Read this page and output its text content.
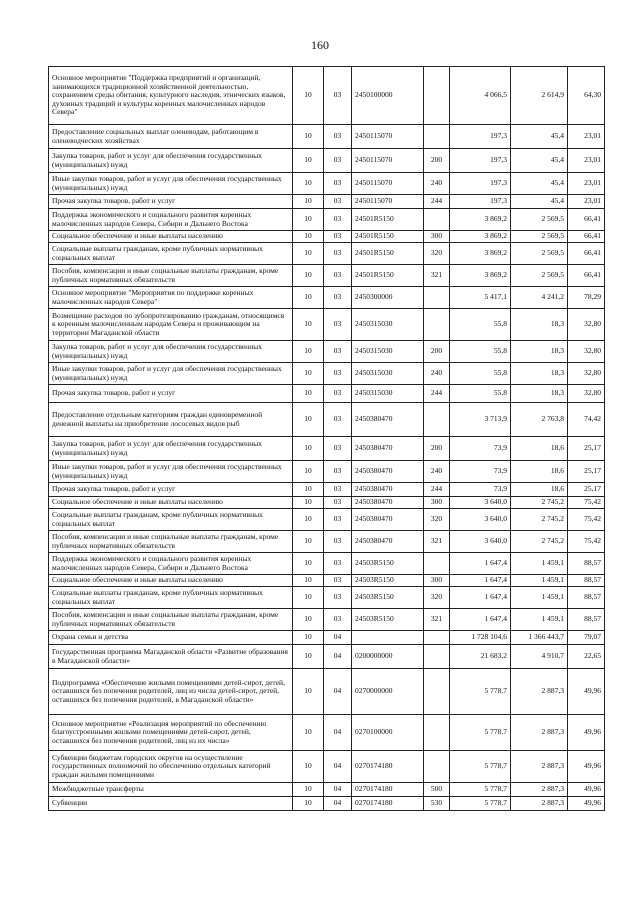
160
Основное мероприятие "Поддержка предприятий и организаций, занимающихся традиционной хозяйственной деятельностью, сохранением среды обитания, культурного наследия, этнических языков, духовных традиций и культуры коренных малочисленных народов Севера"	10	03	2450100000		4 066,5	2 614,9	64,30
Предоставление социальных выплат оленеводам, работающим в оленеводческих хозяйствах	10	03	2450115070		197,3	45,4	23,01
Закупка товаров, работ и услуг для обеспечения государственных (муниципальных) нужд	10	03	2450115070	200	197,3	45,4	23,01
Иные закупки товаров, работ и услуг для обеспечения государственных (муниципальных) нужд	10	03	2450115070	240	197,3	45,4	23,01
Прочая закупка товаров, работ и услуг	10	03	2450115070	244	197,3	45,4	23,01
Поддержка экономического и социального развития коренных малочисленных народов Севера, Сибири и Дальнего Востока	10	03	24501R5150		3 869,2	2 569,5	66,41
Социальное обеспечение и иные выплаты населению	10	03	24501R5150	300	3 869,2	2 569,5	66,41
Социальные выплаты гражданам, кроме публичных нормативных социальных выплат	10	03	24501R5150	320	3 869,2	2 569,5	66,41
Пособия, компенсации и иные социальные выплаты гражданам, кроме публичных нормативных обязательств	10	03	24501R5150	321	3 869,2	2 569,5	66,41
Основное мероприятие "Мероприятия по поддержке коренных малочисленных народов Севера"	10	03	2450300000		5 417,1	4 241,2	78,29
Возмещение расходов по зубопротезированию гражданам, относящимся к коренным малочисленным народам Севера и проживающим на территории Магаданской области	10	03	2450315030		55,8	18,3	32,80
Закупка товаров, работ и услуг для обеспечения государственных (муниципальных) нужд	10	03	2450315030	200	55,8	18,3	32,80
Иные закупки товаров, работ и услуг для обеспечения государственных (муниципальных) нужд	10	03	2450315030	240	55,8	18,3	32,80
Прочая закупка товаров, работ и услуг	10	03	2450315030	244	55,8	18,3	32,80
Предоставление отдельным категориям граждан единовременной денежной выплаты на приобретение лососевых видов рыб	10	03	2450380470		3 713,9	2 763,8	74,42
Закупка товаров, работ и услуг для обеспечения государственных (муниципальных) нужд	10	03	2450380470	200	73,9	18,6	25,17
Иные закупки товаров, работ и услуг для обеспечения государственных (муниципальных) нужд	10	03	2450380470	240	73,9	18,6	25,17
Прочая закупка товаров, работ и услуг	10	03	2450380470	244	73,9	18,6	25,17
Социальное обеспечение и иные выплаты населению	10	03	2450380470	300	3 640,0	2 745,2	75,42
Социальные выплаты гражданам, кроме публичных нормативных социальных выплат	10	03	2450380470	320	3 640,0	2 745,2	75,42
Пособия, компенсации и иные социальные выплаты гражданам, кроме публичных нормативных обязательств	10	03	2450380470	321	3 640,0	2 745,2	75,42
Поддержка экономического и социального развития коренных малочисленных народов Севера, Сибири и Дальнего Востока	10	03	24503R5150		1 647,4	1 459,1	88,57
Социальное обеспечение и иные выплаты населению	10	03	24503R5150	300	1 647,4	1 459,1	88,57
Социальные выплаты гражданам, кроме публичных нормативных социальных выплат	10	03	24503R5150	320	1 647,4	1 459,1	88,57
Пособия, компенсации и иные социальные выплаты гражданам, кроме публичных нормативных обязательств	10	03	24503R5150	321	1 647,4	1 459,1	88,57
Охрана семьи и детства	10	04			1 728 104,6	1 366 443,7	79,07
Государственная программа Магаданской области «Развитие образования в Магаданской области»	10	04	0200000000		21 683,2	4 910,7	22,65
Подпрограмма «Обеспечение жилыми помещениями детей-сирот, детей, оставшихся без попечения родителей, лиц из числа детей-сирот, детей, оставшихся без попечения родителей, в Магаданской области»	10	04	0270000000		5 778,7	2 887,3	49,96
Основное мероприятие «Реализация мероприятий по обеспечению благоустроенными жилыми помещениями детей-сирот, детей, оставшихся без попечения родителей, лиц из их числа»	10	04	0270100000		5 778,7	2 887,3	49,96
Субвенции бюджетам городских округов на осуществление государственных полномочий по обеспечению отдельных категорий граждан жилыми помещениями	10	04	0270174180		5 778,7	2 887,3	49,96
Межбюджетные трансферты	10	04	0270174180	500	5 778,7	2 887,3	49,96
Субвенции	10	04	0270174180	530	5 778,7	2 887,3	49,96
